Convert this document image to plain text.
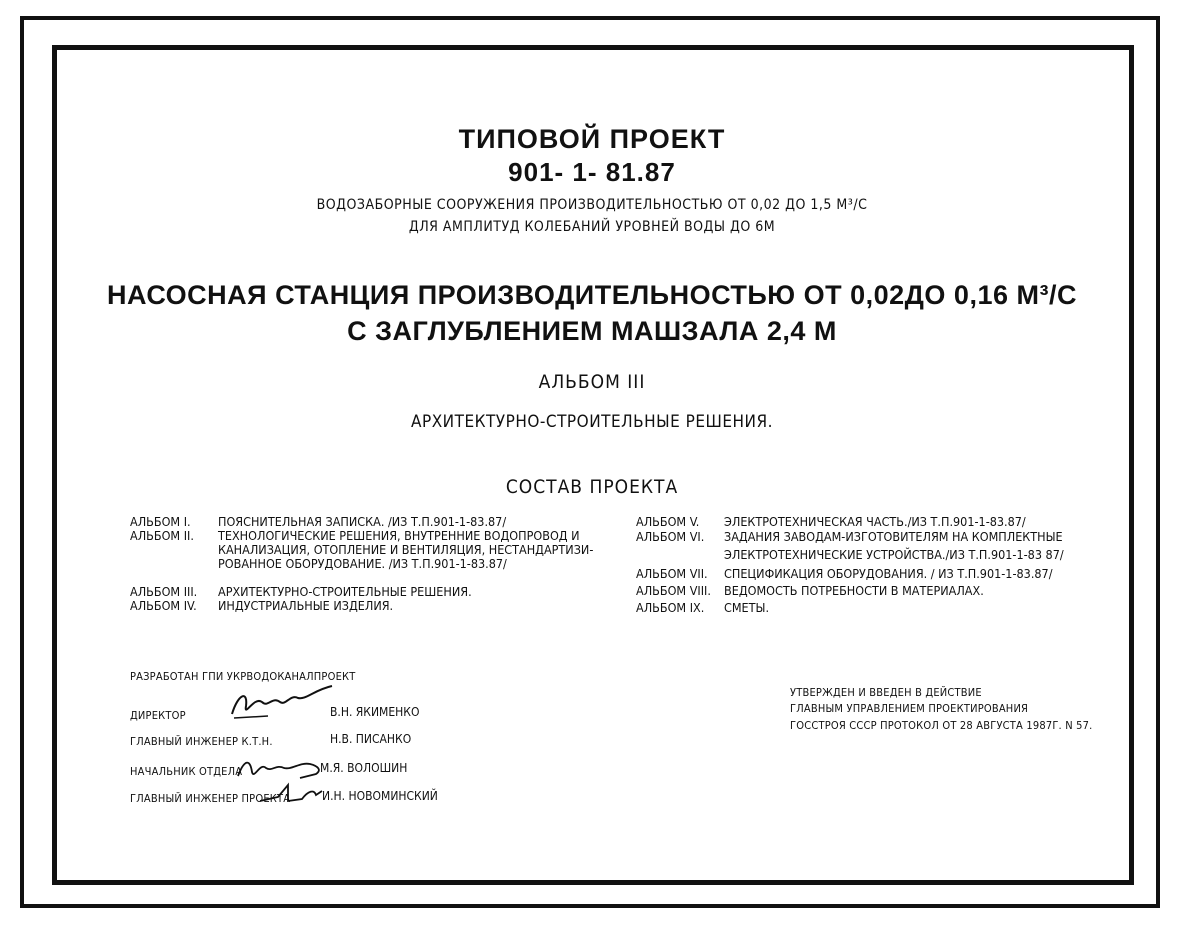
ТИПОВОЙ ПРОЕКТ
901- 1- 81.87
ВОДОЗАБОРНЫЕ СООРУЖЕНИЯ ПРОИЗВОДИТЕЛЬНОСТЬЮ ОТ 0,02 ДО 1,5 М³/С
ДЛЯ АМПЛИТУД КОЛЕБАНИЙ УРОВНЕЙ ВОДЫ ДО 6М
НАСОСНАЯ СТАНЦИЯ ПРОИЗВОДИТЕЛЬНОСТЬЮ ОТ 0,02ДО 0,16 М³/С
С ЗАГЛУБЛЕНИЕМ МАШЗАЛА 2,4 М
АЛЬБОМ III
АРХИТЕКТУРНО-СТРОИТЕЛЬНЫЕ РЕШЕНИЯ.
СОСТАВ ПРОЕКТА
АЛЬБОМ I.	ПОЯСНИТЕЛЬНАЯ ЗАПИСКА. /ИЗ Т.П.901-1-83.87/
АЛЬБОМ II.	ТЕХНОЛОГИЧЕСКИЕ РЕШЕНИЯ, ВНУТРЕННИЕ ВОДОПРОВОД И
КАНАЛИЗАЦИЯ, ОТОПЛЕНИЕ И ВЕНТИЛЯЦИЯ, НЕСТАНДАРТИЗИ-
РОВАННОЕ ОБОРУДОВАНИЕ. /ИЗ Т.П.901-1-83.87/
АЛЬБОМ III.	АРХИТЕКТУРНО-СТРОИТЕЛЬНЫЕ РЕШЕНИЯ.
АЛЬБОМ IV.	ИНДУСТРИАЛЬНЫЕ ИЗДЕЛИЯ.
АЛЬБОМ V.	ЭЛЕКТРОТЕХНИЧЕСКАЯ ЧАСТЬ./ИЗ Т.П.901-1-83.87/
АЛЬБОМ VI.	ЗАДАНИЯ ЗАВОДАМ-ИЗГОТОВИТЕЛЯМ НА КОМПЛЕКТНЫЕ
ЭЛЕКТРОТЕХНИЧЕСКИЕ УСТРОЙСТВА./ИЗ Т.П.901-1-83 87/
АЛЬБОМ VII.	СПЕЦИФИКАЦИЯ ОБОРУДОВАНИЯ. / ИЗ Т.П.901-1-83.87/
АЛЬБОМ VIII.	ВЕДОМОСТЬ ПОТРЕБНОСТИ В МАТЕРИАЛАХ.
АЛЬБОМ IX.	СМЕТЫ.
РАЗРАБОТАН ГПИ УКРВОДОКАНАЛПРОЕКТ
ДИРЕКТОР	В.Н. ЯКИМЕНКО
ГЛАВНЫЙ ИНЖЕНЕР К.Т.Н.	Н.В. ПИСАНКО
НАЧАЛЬНИК ОТДЕЛА	М.Я. ВОЛОШИН
ГЛАВНЫЙ ИНЖЕНЕР ПРОЕКТА	И.Н. НОВОМИНСКИЙ
УТВЕРЖДЕН И ВВЕДЕН В ДЕЙСТВИЕ
ГЛАВНЫМ УПРАВЛЕНИЕМ ПРОЕКТИРОВАНИЯ
ГОССТРОЯ СССР ПРОТОКОЛ ОТ 28 АВГУСТА 1987Г. N 57.
